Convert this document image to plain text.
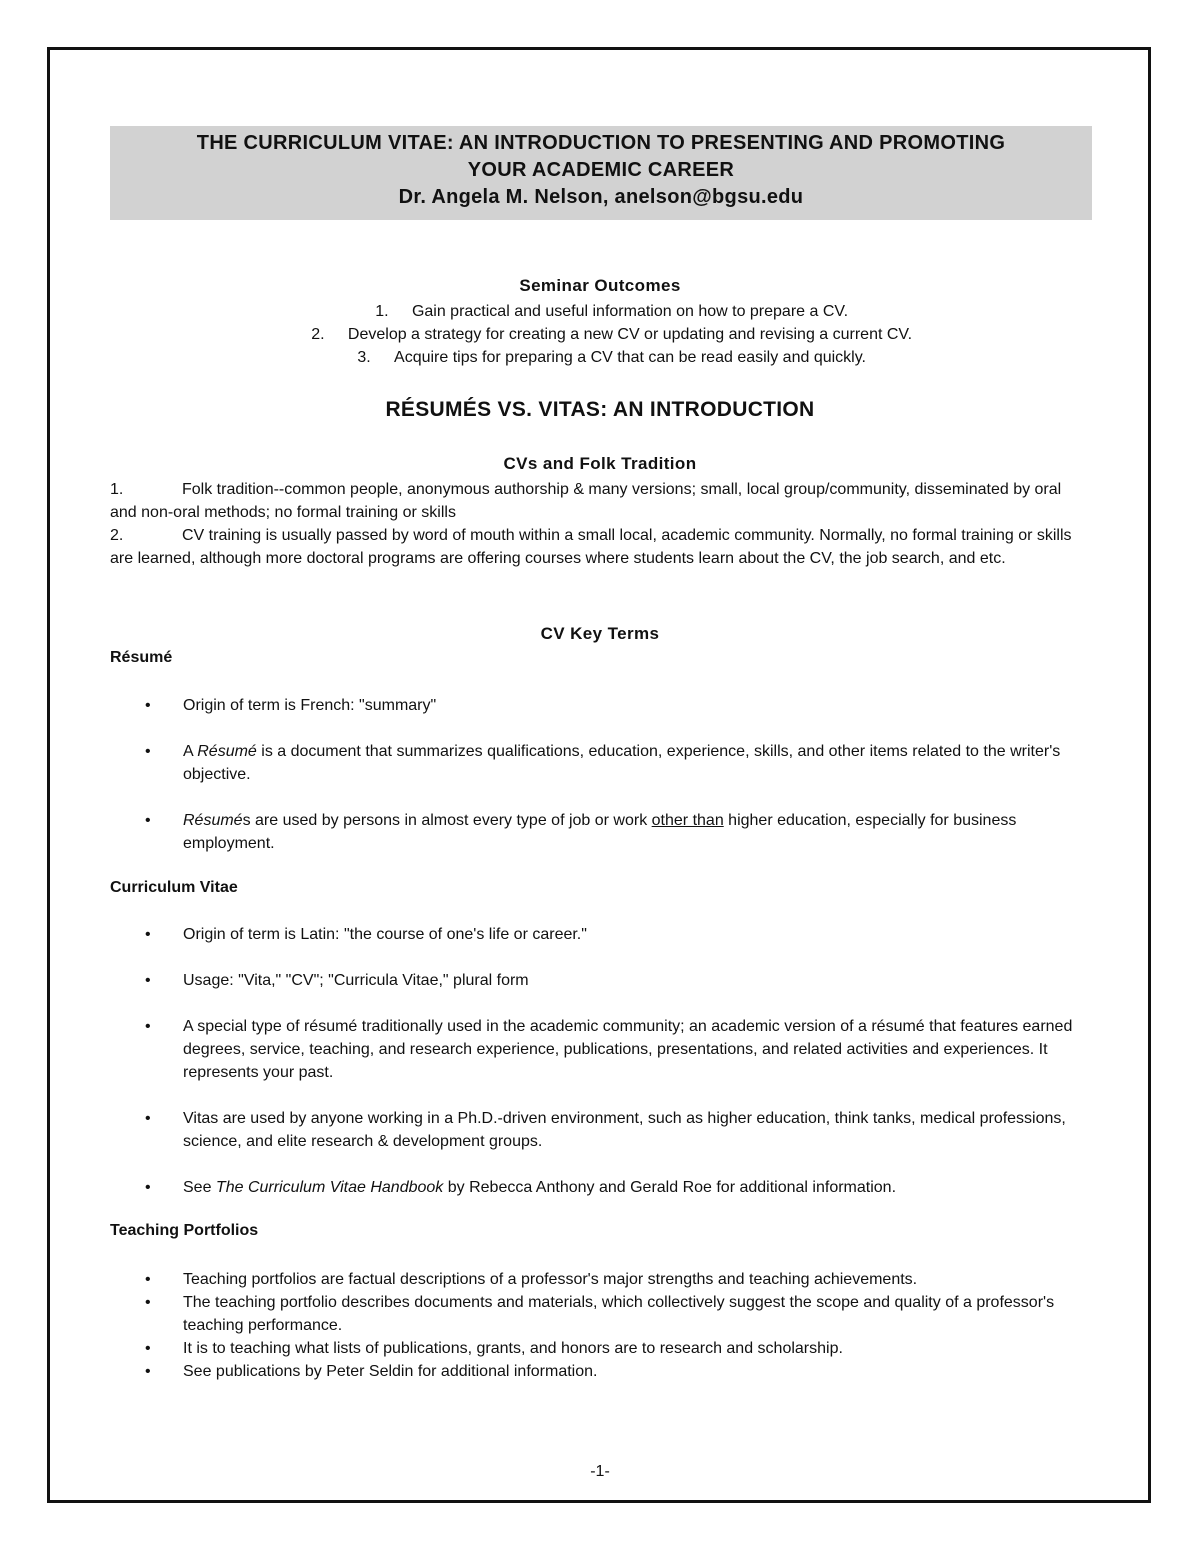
THE CURRICULUM VITAE: AN INTRODUCTION TO PRESENTING AND PROMOTING
YOUR ACADEMIC CAREER
Dr. Angela M. Nelson, anelson@bgsu.edu
Seminar Outcomes
1. Gain practical and useful information on how to prepare a CV.
2. Develop a strategy for creating a new CV or updating and revising a current CV.
3. Acquire tips for preparing a CV that can be read easily and quickly.
RÉSUMÉS VS. VITAS: AN INTRODUCTION
CVs and Folk Tradition
1.	Folk tradition--common people, anonymous authorship & many versions; small, local group/community, disseminated by oral and non-oral methods; no formal training or skills
2.	CV training is usually passed by word of mouth within a small local, academic community. Normally, no formal training or skills are learned, although more doctoral programs are offering courses where students learn about the CV, the job search, and etc.
CV Key Terms
Résumé
•	Origin of term is French: "summary"
•	A Résumé is a document that summarizes qualifications, education, experience, skills, and other items related to the writer's objective.
•	Résumés are used by persons in almost every type of job or work other than higher education, especially for business employment.
Curriculum Vitae
•	Origin of term is Latin: "the course of one's life or career."
•	Usage: "Vita," "CV"; "Curricula Vitae," plural form
•	A special type of résumé traditionally used in the academic community; an academic version of a résumé that features earned degrees, service, teaching, and research experience, publications, presentations, and related activities and experiences. It represents your past.
•	Vitas are used by anyone working in a Ph.D.-driven environment, such as higher education, think tanks, medical professions, science, and elite research & development groups.
•	See The Curriculum Vitae Handbook by Rebecca Anthony and Gerald Roe for additional information.
Teaching Portfolios
•	Teaching portfolios are factual descriptions of a professor's major strengths and teaching achievements.
•	The teaching portfolio describes documents and materials, which collectively suggest the scope and quality of a professor's teaching performance.
•	It is to teaching what lists of publications, grants, and honors are to research and scholarship.
•	See publications by Peter Seldin for additional information.
-1-
